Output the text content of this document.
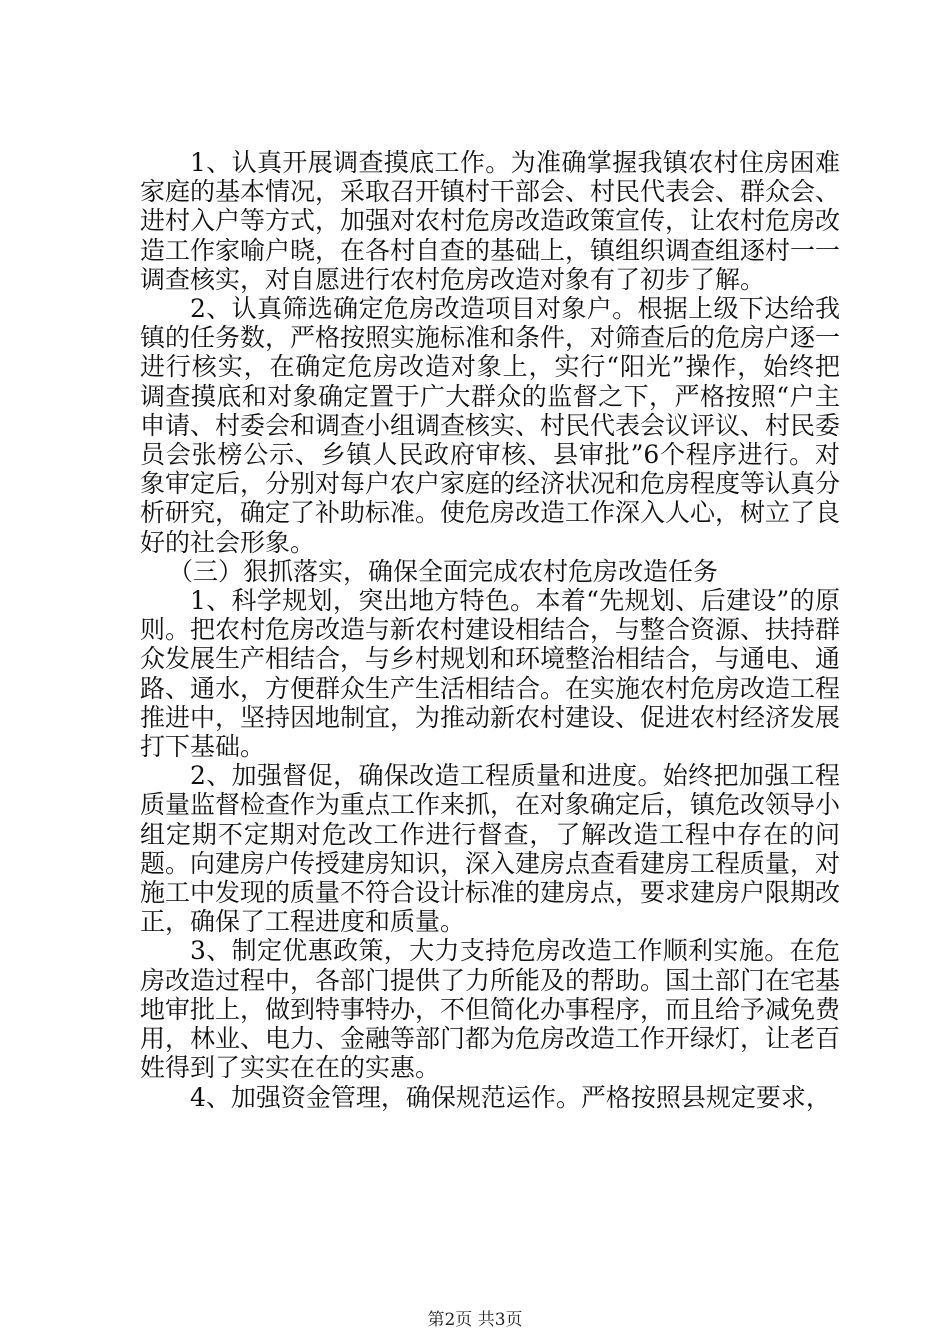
1、认真开展调查摸底工作。为准确掌握我镇农村住房困难家庭的基本情况，采取召开镇村干部会、村民代表会、群众会、进村入户等方式，加强对农村危房改造政策宣传，让农村危房改造工作家喻户晓，在各村自查的基础上，镇组织调查组逐村一一调查核实，对自愿进行农村危房改造对象有了初步了解。

2、认真筛选确定危房改造项目对象户。根据上级下达给我镇的任务数，严格按照实施标准和条件，对筛查后的危房户逐一进行核实，在确定危房改造对象上，实行“阳光”操作，始终把调查摸底和对象确定置于广大群众的监督之下，严格按照“户主申请、村委会和调查小组调查核实、村民代表会议评议、村民委员会张榜公示、乡镇人民政府审核、县审批”6个程序进行。对象审定后，分别对每户农户家庭的经济状况和危房程度等认真分析研究，确定了补助标准。使危房改造工作深入人心，树立了良好的社会形象。

（三）狠抓落实，确保全面完成农村危房改造任务

1、科学规划，突出地方特色。本着“先规划、后建设”的原则。把农村危房改造与新农村建设相结合，与整合资源、扶持群众发展生产相结合，与乡村规划和环境整治相结合，与通电、通路、通水，方便群众生产生活相结合。在实施农村危房改造工程推进中，坚持因地制宜，为推动新农村建设、促进农村经济发展打下基础。

2、加强督促，确保改造工程质量和进度。始终把加强工程质量监督检查作为重点工作来抓，在对象确定后，镇危改领导小组定期不定期对危改工作进行督查，了解改造工程中存在的问题。向建房户传授建房知识，深入建房点查看建房工程质量，对施工中发现的质量不符合设计标准的建房点，要求建房户限期改正，确保了工程进度和质量。

3、制定优惠政策，大力支持危房改造工作顺利实施。在危房改造过程中，各部门提供了力所能及的帮助。国土部门在宅基地审批上，做到特事特办，不但简化办事程序，而且给予减免费用，林业、电力、金融等部门都为危房改造工作开绿灯，让老百姓得到了实实在在的实惠。

4、加强资金管理，确保规范运作。严格按照县规定要求，

第2页 共3页
